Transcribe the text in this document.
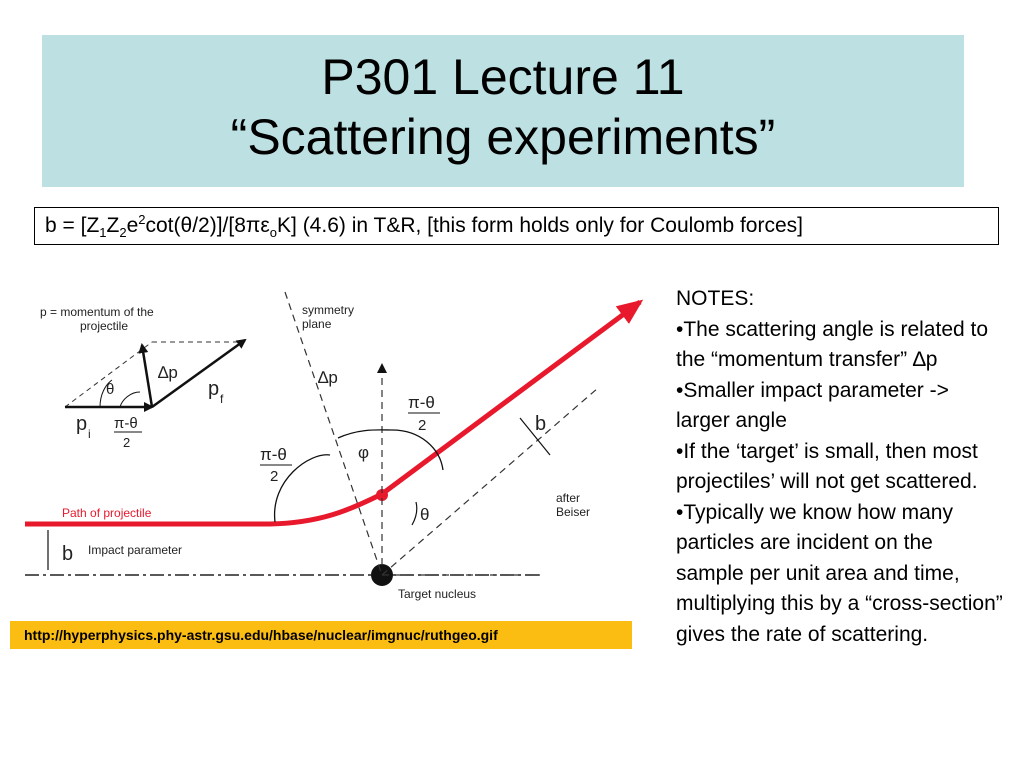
P301 Lecture 11
“Scattering experiments”
$b = [Z_1Z_2e^2\cot(\theta/2)]/[8\pi\varepsilon_oK]$ (4.6) in T&R, [this form holds only for Coulomb forces]
b Impact parameter
Path of projectile
Target nucleus
symmetry
plane
∆p
b
π-θ
2
φ
π-θ
2
θ
after
Beiser
p = momentum of the
projectile
∆p
θ
p i
p f
π-θ
2
http://hyperphysics.phy-astr.gsu.edu/hbase/nuclear/imgnuc/ruthgeo.gif
NOTES:
•The scattering angle is related to the “momentum transfer” ∆p
•Smaller impact parameter -> larger angle
•If the ‘target’ is small, then most projectiles’ will not get scattered.
•Typically we know how many particles are incident on the sample per unit area and time, multiplying this by a “cross-section” gives the rate of scattering.
